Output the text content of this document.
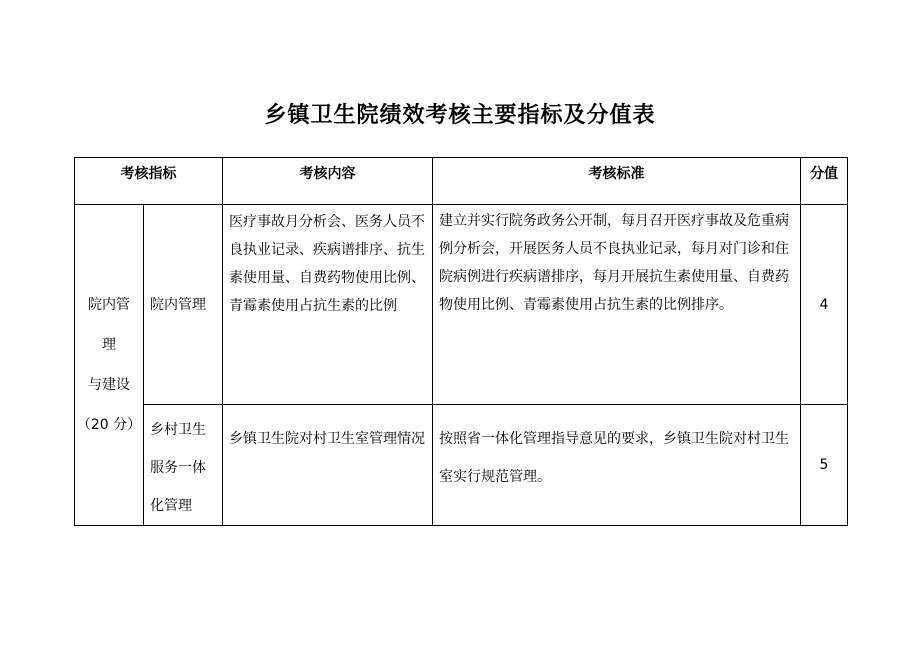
乡镇卫生院绩效考核主要指标及分值表
考核指标		考核内容	考核标准	分值

院内管
理
与建设
（20 分）	院内管理	医疗事故月分析会、医务人员不良执业记录、疾病谱排序、抗生素使用量、自费药物使用比例、青霉素使用占抗生素的比例	建立并实行院务政务公开制，每月召开医疗事故及危重病例分析会，开展医务人员不良执业记录，每月对门诊和住院病例进行疾病谱排序，每月开展抗生素使用量、自费药物使用比例、青霉素使用占抗生素的比例排序。	4
	乡村卫生服务一体化管理	乡镇卫生院对村卫生室管理情况	按照省一体化管理指导意见的要求，乡镇卫生院对村卫生室实行规范管理。	5
